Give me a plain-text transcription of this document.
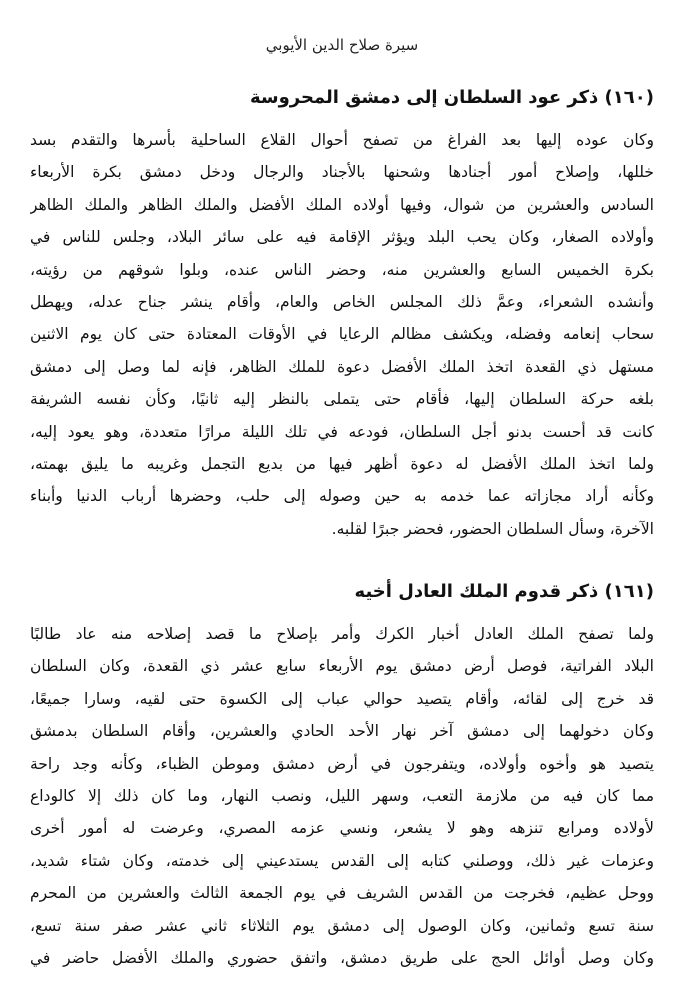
سيرة صلاح الدين الأيوبي
(١٦٠) ذكر عود السلطان إلى دمشق المحروسة
وكان عوده إليها بعد الفراغ من تصفح أحوال القلاع الساحلية بأسرها والتقدم بسد
خللها، وإصلاح أمور أجنادها وشحنها بالأجناد والرجال ودخل دمشق بكرة الأربعاء
السادس والعشرين من شوال، وفيها أولاده الملك الأفضل والملك الظاهر والملك الظاهر
وأولاده الصغار، وكان يحب البلد ويؤثر الإقامة فيه على سائر البلاد، وجلس للناس في
بكرة الخميس السابع والعشرين منه، وحضر الناس عنده، وبلوا شوقهم من رؤيته،
وأنشده الشعراء، وعمَّ ذلك المجلس الخاص والعام، وأقام ينشر جناح عدله، ويهطل
سحاب إنعامه وفضله، ويكشف مظالم الرعايا في الأوقات المعتادة حتى كان يوم الاثنين
مستهل ذي القعدة اتخذ الملك الأفضل دعوة للملك الظاهر، فإنه لما وصل إلى دمشق
بلغه حركة السلطان إليها، فأقام حتى يتملى بالنظر إليه ثانيًا، وكأن نفسه الشريفة
كانت قد أحست بدنو أجل السلطان، فودعه في تلك الليلة مرارًا متعددة، وهو يعود إليه،
ولما اتخذ الملك الأفضل له دعوة أظهر فيها من بديع التجمل وغريبه ما يليق بهمته،
وكأنه أراد مجازاته عما خدمه به حين وصوله إلى حلب، وحضرها أرباب الدنيا وأبناء
الآخرة، وسأل السلطان الحضور، فحضر جبرًا لقلبه.
(١٦١) ذكر قدوم الملك العادل أخيه
ولما تصفح الملك العادل أخبار الكرك وأمر بإصلاح ما قصد إصلاحه منه عاد طالبًا
البلاد الفراتية، فوصل أرض دمشق يوم الأربعاء سابع عشر ذي القعدة، وكان السلطان
قد خرج إلى لقائه، وأقام يتصيد حوالي عباب إلى الكسوة حتى لقيه، وسارا جميعًا،
وكان دخولهما إلى دمشق آخر نهار الأحد الحادي والعشرين، وأقام السلطان بدمشق
يتصيد هو وأخوه وأولاده، ويتفرجون في أرض دمشق وموطن الظباء، وكأنه وجد راحة
مما كان فيه من ملازمة التعب، وسهر الليل، ونصب النهار، وما كان ذلك إلا كالوداع
لأولاده ومرابع تنزهه وهو لا يشعر، ونسي عزمه المصري، وعرضت له أمور أخرى
وعزمات غير ذلك، ووصلني كتابه إلى القدس يستدعيني إلى خدمته، وكان شتاء شديد،
ووحل عظيم، فخرجت من القدس الشريف في يوم الجمعة الثالث والعشرين من المحرم
سنة تسع وثمانين، وكان الوصول إلى دمشق يوم الثلاثاء ثاني عشر صفر سنة تسع،
وكان وصل أوائل الحج على طريق دمشق، واتفق حضوري والملك الأفضل حاضر في
